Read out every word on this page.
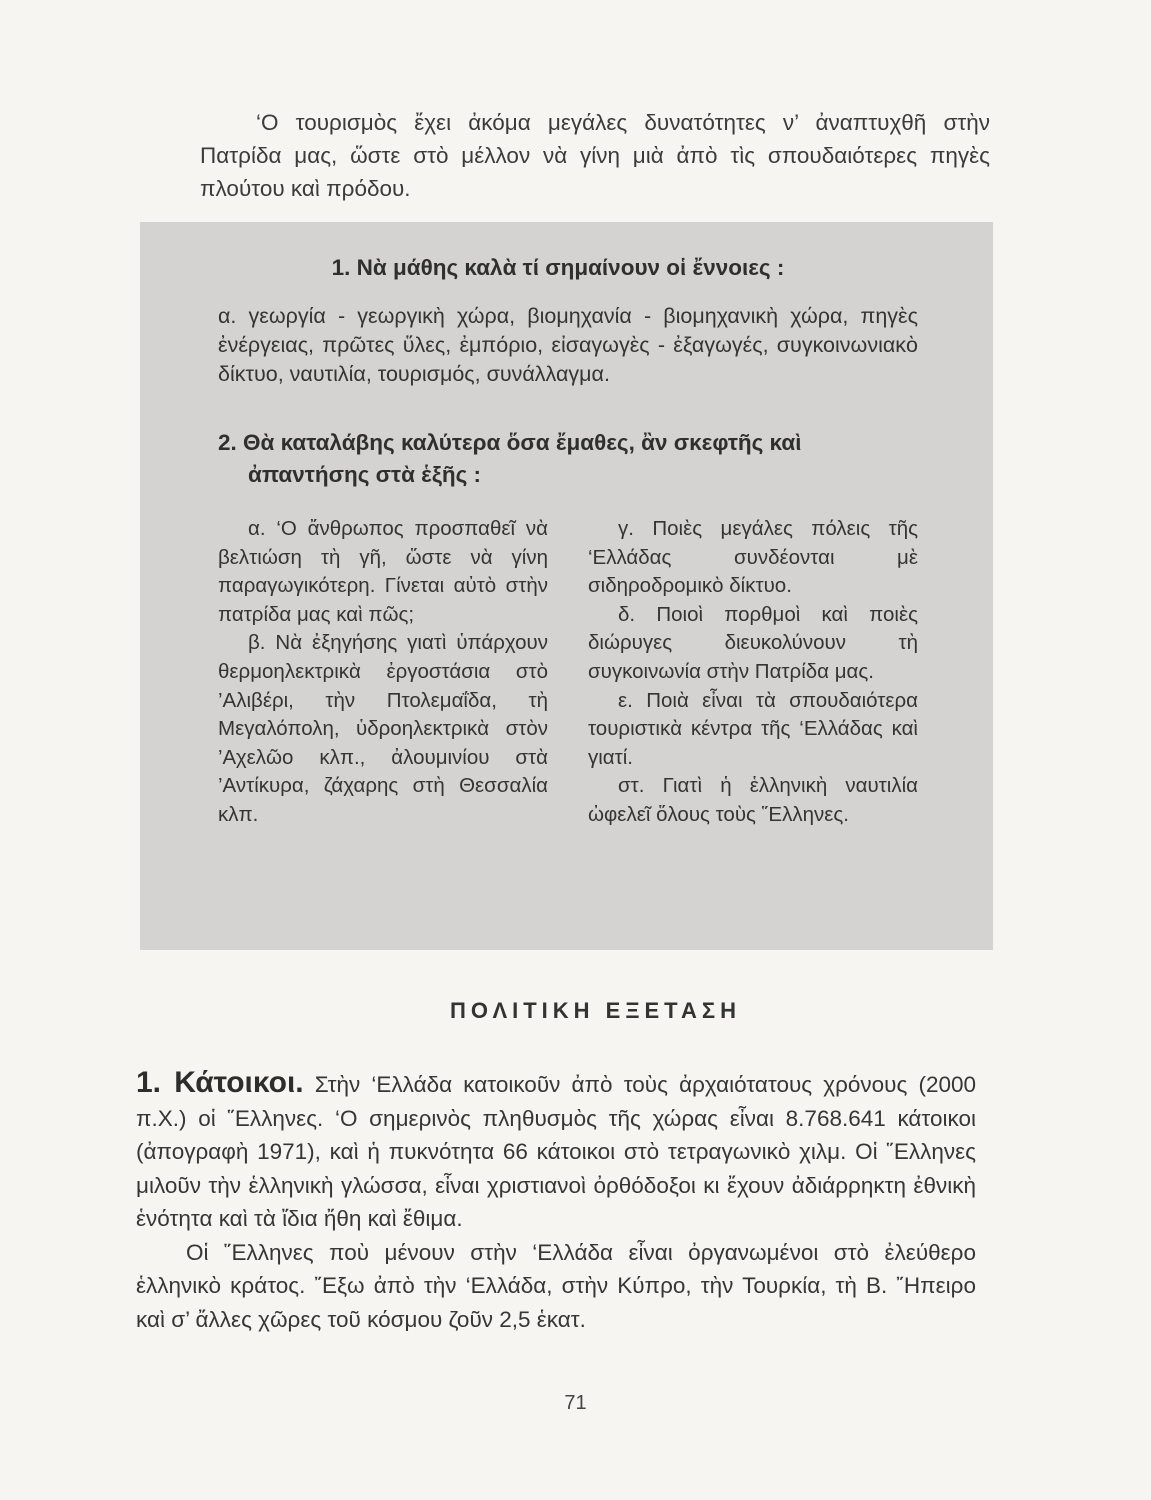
‘Ο τουρισμὸς ἔχει ἀκόμα μεγάλες δυνατότητες ν’ ἀναπτυχθῆ στὴν Πατρίδα μας, ὥστε στὸ μέλλον νὰ γίνη μιὰ ἀπὸ τὶς σπουδαιότερες πηγὲς πλούτου καὶ πρόδου.

1. Νὰ μάθης καλὰ τί σημαίνουν οἱ ἔννοιες :

α. γεωργία - γεωργικὴ χώρα, βιομηχανία - βιομηχανικὴ χώρα, πηγὲς ἐνέργειας, πρῶτες ὕλες, ἐμπόριο, εἰσαγωγὲς - ἐξαγωγές, συγκοινωνιακὸ δίκτυο, ναυτιλία, τουρισμός, συνάλλαγμα.

2. Θὰ καταλάβης καλύτερα ὅσα ἔμαθες, ἂν σκεφτῆς καὶ ἀπαντήσης στὰ ἑξῆς :

α. ‘Ο ἄνθρωπος προσπαθεῖ νὰ βελτιώση τὴ γῆ, ὥστε νὰ γίνη παραγωγικότερη. Γίνεται αὐτὸ στὴν πατρίδα μας καὶ πῶς;

β. Νὰ ἐξηγήσης γιατὶ ὑπάρχουν θερμοηλεκτρικὰ ἐργοστάσια στὸ ’Αλιβέρι, τὴν Πτολεμαΐδα, τὴ Μεγαλόπολη, ὑδροηλεκτρικὰ στὸν ’Αχελῶο κλπ., ἀλουμινίου στὰ ’Αντίκυρα, ζάχαρης στὴ Θεσσαλία κλπ.

γ. Ποιὲς μεγάλες πόλεις τῆς ‘Ελλάδας συνδέονται μὲ σιδηροδρομικὸ δίκτυο.

δ. Ποιοὶ πορθμοὶ καὶ ποιὲς διώρυγες διευκολύνουν τὴ συγκοινωνία στὴν Πατρίδα μας.

ε. Ποιὰ εἶναι τὰ σπουδαιότερα τουριστικὰ κέντρα τῆς ‘Ελλάδας καὶ γιατί.

στ. Γιατὶ ἡ ἑλληνικὴ ναυτιλία ὠφελεῖ ὅλους τοὺς ῞Ελληνες.

ΠΟΛΙΤΙΚΗ ΕΞΕΤΑΣΗ

1. Κάτοικοι. Στὴν ‘Ελλάδα κατοικοῦν ἀπὸ τοὺς ἀρχαιότατους χρόνους (2000 π.Χ.) οἱ ῞Ελληνες. ‘Ο σημερινὸς πληθυσμὸς τῆς χώρας εἶναι 8.768.641 κάτοικοι (ἀπογραφὴ 1971), καὶ ἡ πυκνότητα 66 κάτοικοι στὸ τετραγωνικὸ χιλμ. Οἱ ῞Ελληνες μιλοῦν τὴν ἑλληνικὴ γλώσσα, εἶναι χριστιανοὶ ὀρθόδοξοι κι ἔχουν ἀδιάρρηκτη ἐθνικὴ ἑνότητα καὶ τὰ ἴδια ἤθη καὶ ἔθιμα.

Οἱ ῞Ελληνες ποὺ μένουν στὴν ‘Ελλάδα εἶναι ὀργανωμένοι στὸ ἐλεύθερο ἑλληνικὸ κράτος. ῎Εξω ἀπὸ τὴν ‘Ελλάδα, στὴν Κύπρο, τὴν Τουρκία, τὴ Β. ῎Ηπειρο καὶ σ’ ἄλλες χῶρες τοῦ κόσμου ζοῦν 2,5 ἑκατ.

71
